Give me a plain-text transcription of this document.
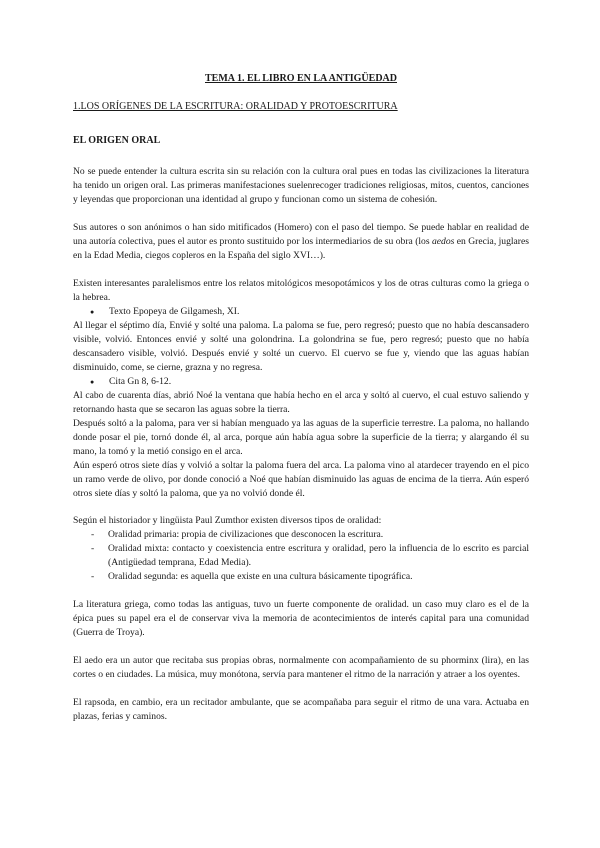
TEMA 1. EL LIBRO EN LA ANTIGÜEDAD
1.LOS ORÍGENES DE LA ESCRITURA: ORALIDAD Y PROTOESCRITURA
EL ORIGEN ORAL

No se puede entender la cultura escrita sin su relación con la cultura oral pues en todas las civilizaciones la literatura ha tenido un origen oral. Las primeras manifestaciones suelenrecoger tradiciones religiosas, mitos, cuentos, canciones y leyendas que proporcionan una identidad al grupo y funcionan como un sistema de cohesión.

Sus autores o son anónimos o han sido mitificados (Homero) con el paso del tiempo. Se puede hablar en realidad de una autoría colectiva, pues el autor es pronto sustituido por los intermediarios de su obra (los aedos en Grecia, juglares en la Edad Media, ciegos copleros en la España del siglo XVI…).

Existen interesantes paralelismos entre los relatos mitológicos mesopotámicos y los de otras culturas como la griega o la hebrea.

● Texto Epopeya de Gilgamesh, XI.

Al llegar el séptimo día, Envié y solté una paloma. La paloma se fue, pero regresó; puesto que no había descansadero visible, volvió. Entonces envié y solté una golondrina. La golondrina se fue, pero regresó; puesto que no había descansadero visible, volvió. Después envié y solté un cuervo. El cuervo se fue y, viendo que las aguas habían disminuido, come, se cierne, grazna y no regresa.

● Cita Gn 8, 6-12.

Al cabo de cuarenta días, abrió Noé la ventana que había hecho en el arca y soltó al cuervo, el cual estuvo saliendo y retornando hasta que se secaron las aguas sobre la tierra.

Después soltó a la paloma, para ver si habían menguado ya las aguas de la superficie terrestre. La paloma, no hallando donde posar el pie, tornó donde él, al arca, porque aún había agua sobre la superficie de la tierra; y alargando él su mano, la tomó y la metió consigo en el arca.

Aún esperó otros siete días y volvió a soltar la paloma fuera del arca. La paloma vino al atardecer trayendo en el pico un ramo verde de olivo, por donde conoció a Noé que habían disminuido las aguas de encima de la tierra. Aún esperó otros siete días y soltó la paloma, que ya no volvió donde él.

Según el historiador y lingüista Paul Zumthor existen diversos tipos de oralidad:

- Oralidad primaria: propia de civilizaciones que desconocen la escritura.
- Oralidad mixta: contacto y coexistencia entre escritura y oralidad, pero la influencia de lo escrito es parcial (Antigüedad temprana, Edad Media).
- Oralidad segunda: es aquella que existe en una cultura básicamente tipográfica.

La literatura griega, como todas las antiguas, tuvo un fuerte componente de oralidad. un caso muy claro es el de la épica pues su papel era el de conservar viva la memoria de acontecimientos de interés capital para una comunidad (Guerra de Troya).

El aedo era un autor que recitaba sus propias obras, normalmente con acompañamiento de su phorminx (lira), en las cortes o en ciudades. La música, muy monótona, servía para mantener el ritmo de la narración y atraer a los oyentes.

El rapsoda, en cambio, era un recitador ambulante, que se acompañaba para seguir el ritmo de una vara. Actuaba en plazas, ferias y caminos.
